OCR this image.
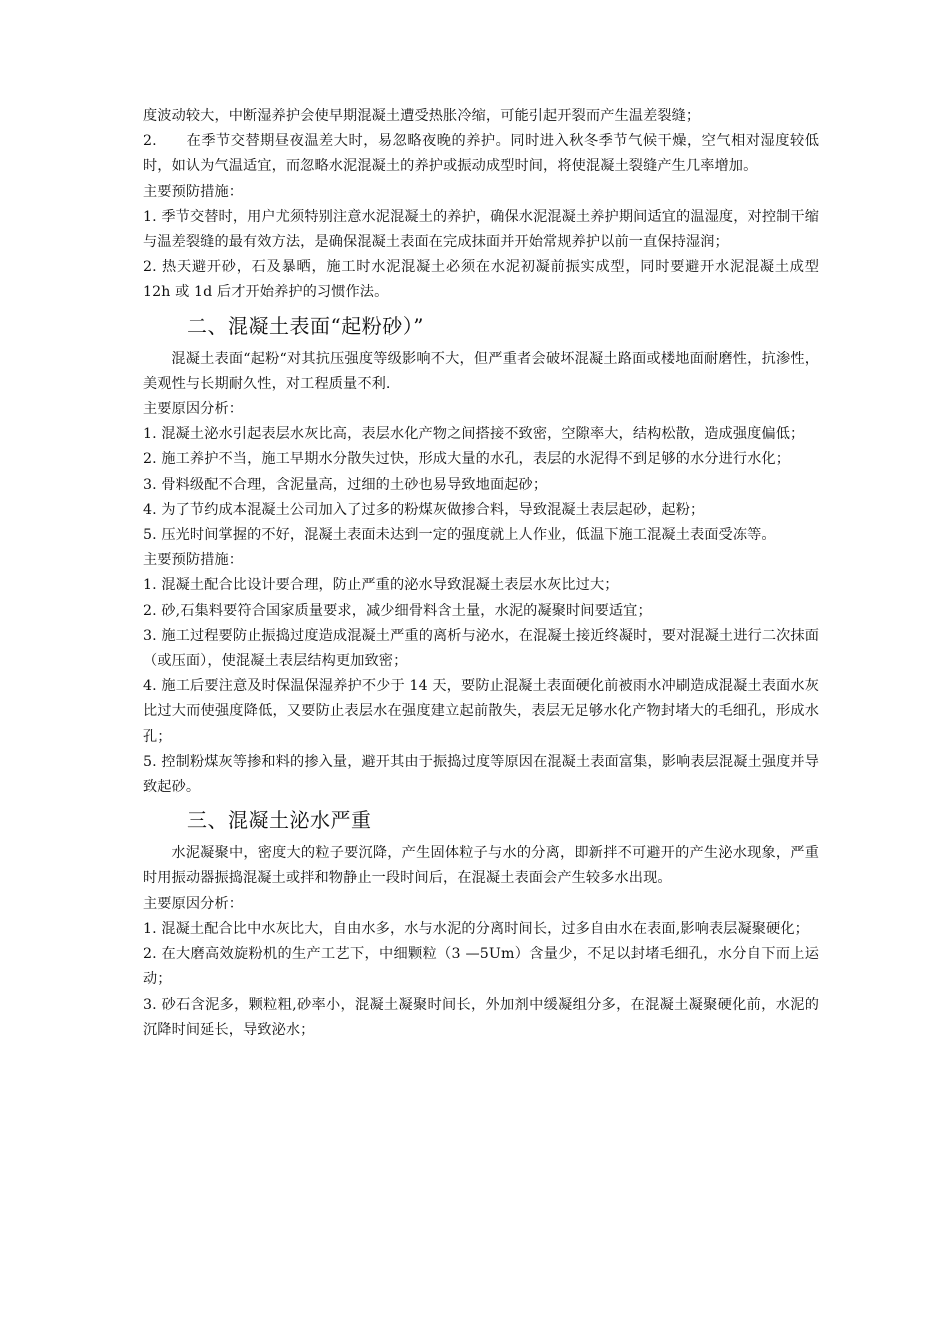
度波动较大，中断湿养护会使早期混凝土遭受热胀冷缩，可能引起开裂而产生温差裂缝；

2.　　在季节交替期昼夜温差大时，易忽略夜晚的养护。同时进入秋冬季节气候干燥，空气相对湿度较低时，如认为气温适宜，而忽略水泥混凝土的养护或振动成型时间，将使混凝土裂缝产生几率增加。

主要预防措施：

1. 季节交替时，用户尤须特别注意水泥混凝土的养护，确保水泥混凝土养护期间适宜的温湿度，对控制干缩与温差裂缝的最有效方法，是确保混凝土表面在完成抹面并开始常规养护以前一直保持湿润；

2. 热天避开砂，石及暴晒，施工时水泥混凝土必须在水泥初凝前振实成型，同时要避开水泥混凝土成型 12h 或 1d 后才开始养护的习惯作法。

二、混凝土表面“起粉砂）”

混凝土表面“起粉“对其抗压强度等级影响不大，但严重者会破坏混凝土路面或楼地面耐磨性，抗渗性，美观性与长期耐久性，对工程质量不利.

主要原因分析：

1. 混凝土泌水引起表层水灰比高，表层水化产物之间搭接不致密，空隙率大，结构松散，造成强度偏低；

2. 施工养护不当，施工早期水分散失过快，形成大量的水孔，表层的水泥得不到足够的水分进行水化；

3. 骨料级配不合理，含泥量高，过细的土砂也易导致地面起砂；

4. 为了节约成本混凝土公司加入了过多的粉煤灰做掺合料，导致混凝土表层起砂，起粉；

5. 压光时间掌握的不好，混凝土表面未达到一定的强度就上人作业，低温下施工混凝土表面受冻等。

主要预防措施：

1. 混凝土配合比设计要合理，防止严重的泌水导致混凝土表层水灰比过大；

2. 砂,石集料要符合国家质量要求，减少细骨料含土量，水泥的凝聚时间要适宜；

3. 施工过程要防止振捣过度造成混凝土严重的离析与泌水，在混凝土接近终凝时，要对混凝土进行二次抹面（或压面），使混凝土表层结构更加致密；

4. 施工后要注意及时保温保湿养护不少于 14 天，要防止混凝土表面硬化前被雨水冲刷造成混凝土表面水灰比过大而使强度降低，又要防止表层水在强度建立起前散失，表层无足够水化产物封堵大的毛细孔，形成水孔；

5. 控制粉煤灰等掺和料的掺入量，避开其由于振捣过度等原因在混凝土表面富集，影响表层混凝土强度并导致起砂。

三、混凝土泌水严重

水泥凝聚中，密度大的粒子要沉降，产生固体粒子与水的分离，即新拌不可避开的产生泌水现象，严重时用振动器振捣混凝土或拌和物静止一段时间后，在混凝土表面会产生较多水出现。

主要原因分析：

1. 混凝土配合比中水灰比大，自由水多，水与水泥的分离时间长，过多自由水在表面,影响表层凝聚硬化；

2. 在大磨高效旋粉机的生产工艺下，中细颗粒（3 —5Um）含量少，不足以封堵毛细孔，水分自下而上运动；

3. 砂石含泥多，颗粒粗,砂率小，混凝土凝聚时间长，外加剂中缓凝组分多，在混凝土凝聚硬化前，水泥的沉降时间延长，导致泌水；
